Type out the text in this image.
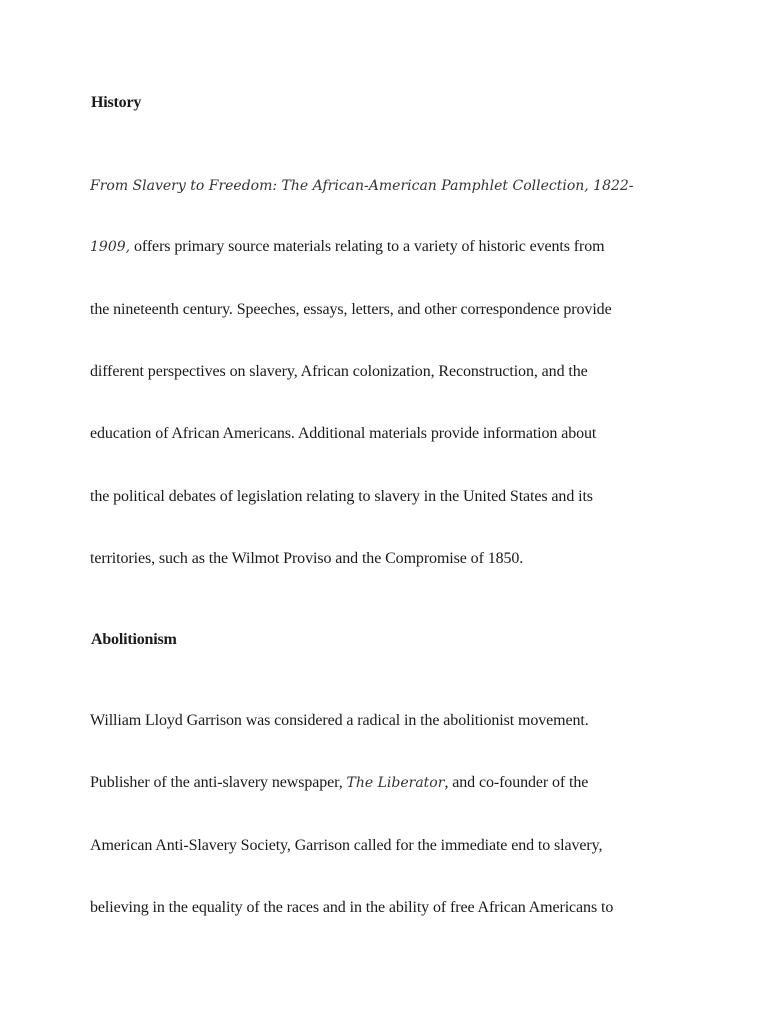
History
From Slavery to Freedom: The African-American Pamphlet Collection, 1822-
1909, offers primary source materials relating to a variety of historic events from
the nineteenth century. Speeches, essays, letters, and other correspondence provide
different perspectives on slavery, African colonization, Reconstruction, and the
education of African Americans. Additional materials provide information about
the political debates of legislation relating to slavery in the United States and its
territories, such as the Wilmot Proviso and the Compromise of 1850.
Abolitionism
William Lloyd Garrison was considered a radical in the abolitionist movement.
Publisher of the anti-slavery newspaper, The Liberator, and co-founder of the
American Anti-Slavery Society, Garrison called for the immediate end to slavery,
believing in the equality of the races and in the ability of free African Americans to
